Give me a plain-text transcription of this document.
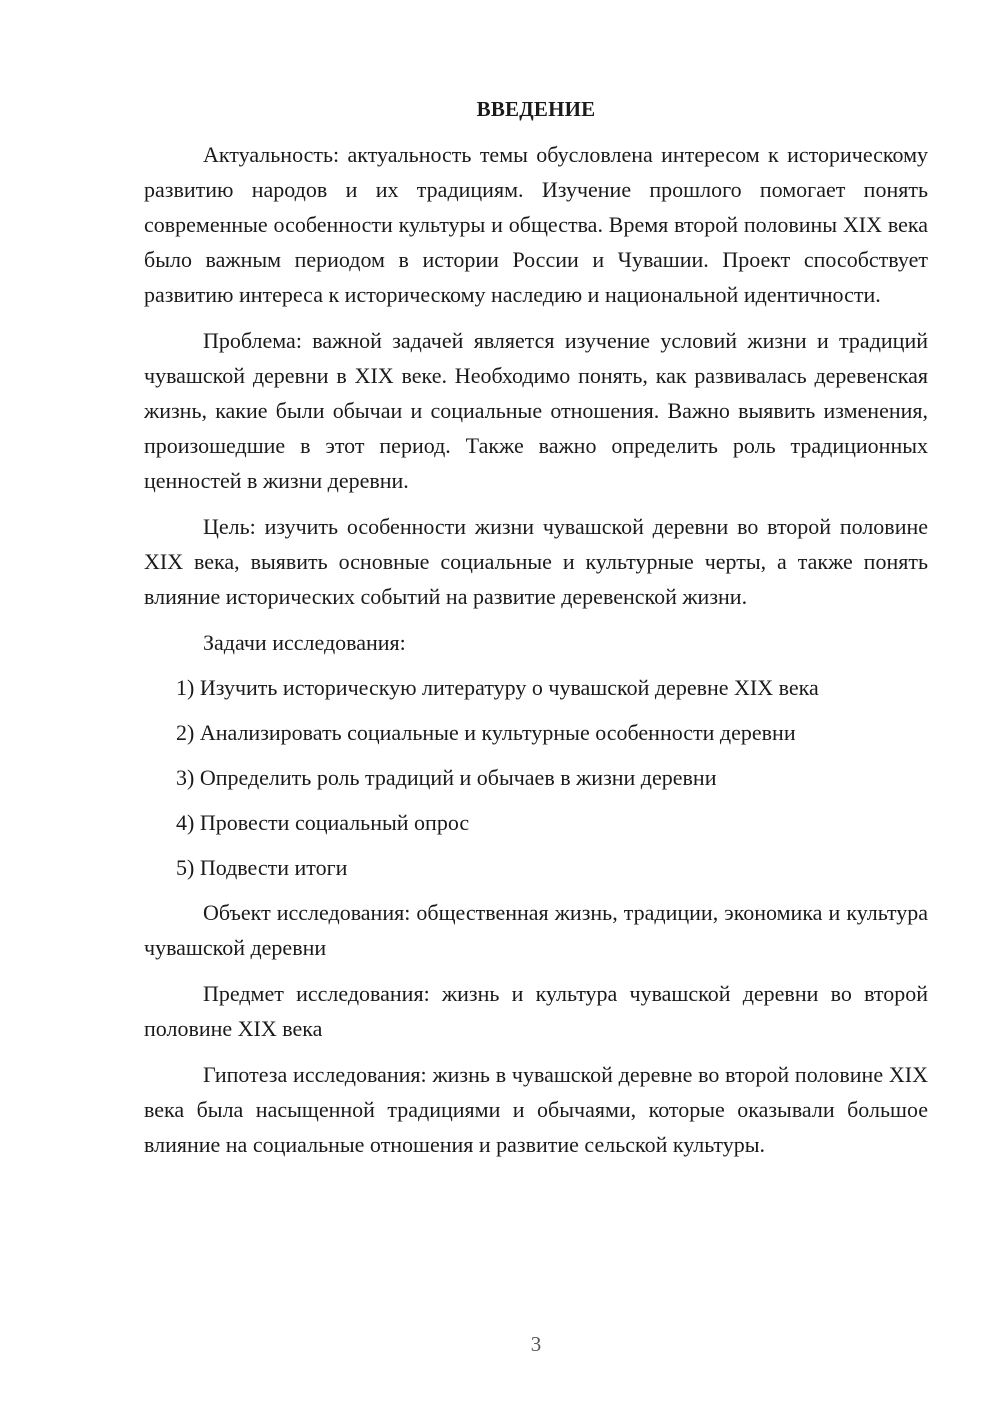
ВВЕДЕНИЕ

Актуальность: актуальность темы обусловлена интересом к историческому развитию народов и их традициям. Изучение прошлого помогает понять современные особенности культуры и общества. Время второй половины XIX века было важным периодом в истории России и Чувашии. Проект способствует развитию интереса к историческому наследию и национальной идентичности.

Проблема: важной задачей является изучение условий жизни и традиций чувашской деревни в XIX веке. Необходимо понять, как развивалась деревенская жизнь, какие были обычаи и социальные отношения. Важно выявить изменения, произошедшие в этот период. Также важно определить роль традиционных ценностей в жизни деревни.

Цель: изучить особенности жизни чувашской деревни во второй половине XIX века, выявить основные социальные и культурные черты, а также понять влияние исторических событий на развитие деревенской жизни.

Задачи исследования:
1) Изучить историческую литературу о чувашской деревне XIX века
2) Анализировать социальные и культурные особенности деревни
3) Определить роль традиций и обычаев в жизни деревни
4) Провести социальный опрос
5) Подвести итоги

Объект исследования: общественная жизнь, традиции, экономика и культура чувашской деревни

Предмет исследования: жизнь и культура чувашской деревни во второй половине XIX века

Гипотеза исследования: жизнь в чувашской деревне во второй половине XIX века была насыщенной традициями и обычаями, которые оказывали большое влияние на социальные отношения и развитие сельской культуры.

3
